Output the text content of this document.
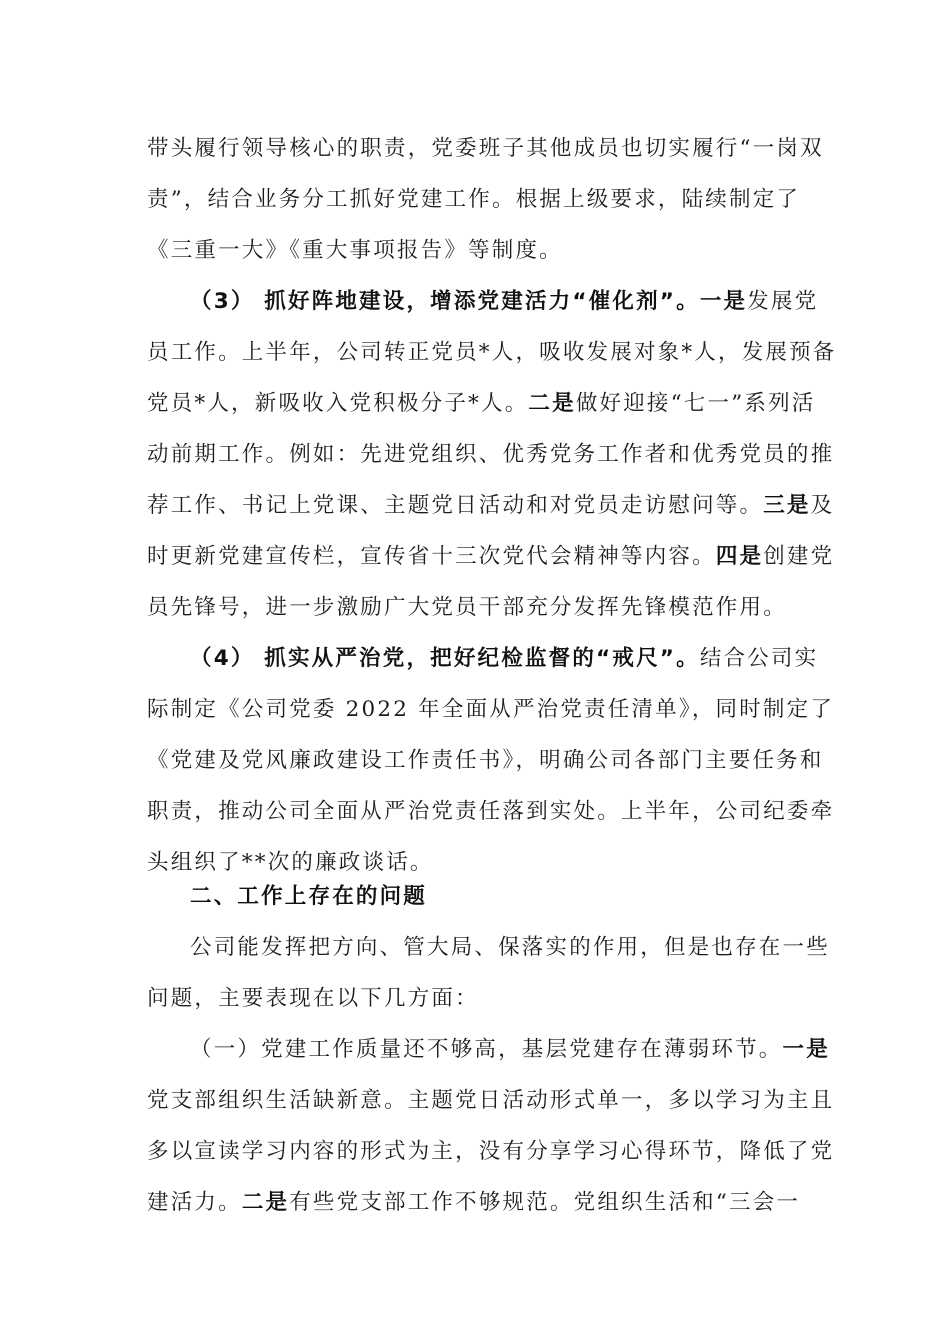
带头履行领导核心的职责，党委班子其他成员也切实履行“一岗双
责”，结合业务分工抓好党建工作。根据上级要求，陆续制定了
《三重一大》《重大事项报告》等制度。
（3） 抓好阵地建设，增添党建活力“催化剂”。一是发展党
员工作。上半年，公司转正党员*人，吸收发展对象*人，发展预备
党员*人，新吸收入党积极分子*人。二是做好迎接“七一”系列活
动前期工作。例如：先进党组织、优秀党务工作者和优秀党员的推
荐工作、书记上党课、主题党日活动和对党员走访慰问等。三是及
时更新党建宣传栏，宣传省十三次党代会精神等内容。四是创建党
员先锋号，进一步激励广大党员干部充分发挥先锋模范作用。
（4） 抓实从严治党，把好纪检监督的“戒尺”。结合公司实
际制定《公司党委 2022 年全面从严治党责任清单》，同时制定了
《党建及党风廉政建设工作责任书》，明确公司各部门主要任务和
职责，推动公司全面从严治党责任落到实处。上半年，公司纪委牵
头组织了**次的廉政谈话。
二、工作上存在的问题
公司能发挥把方向、管大局、保落实的作用，但是也存在一些
问题，主要表现在以下几方面：
（一）党建工作质量还不够高，基层党建存在薄弱环节。一是
党支部组织生活缺新意。主题党日活动形式单一，多以学习为主且
多以宣读学习内容的形式为主，没有分享学习心得环节，降低了党
建活力。二是有些党支部工作不够规范。党组织生活和“三会一
